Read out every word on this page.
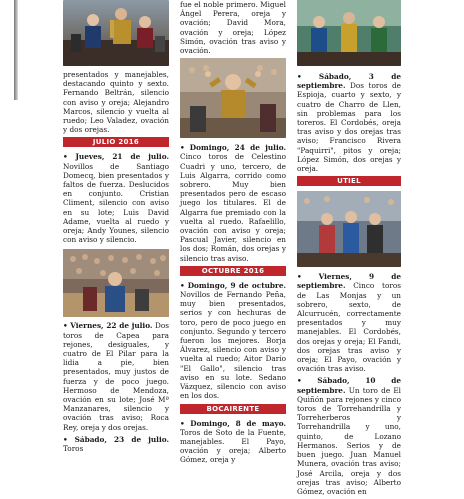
presentados y manejables, destacando quinto y sexto. Fernando Beltrán, silencio con aviso y oreja; Alejandro Marcos, silencio y vuelta al ruedo; Leo Valadez, ovación y dos orejas.

JULIO 2016

• Jueves, 21 de julio. Novillos de Santiago Domecq, bien presentados y faltos de fuerza. Deslucidos en conjunto. Cristian Climent, silencio con aviso en su lote; Luis David Adame, vuelta al ruedo y oreja; Andy Younes, silencio con aviso y silencio.

• Viernes, 22 de julio. Dos toros de Capea para rejones, desiguales, y cuatro de El Pilar para la lidia a pie, bien presentados, muy justos de fuerza y de poco juego. Hermoso de Mendoza, ovación en su lote; José Mª Manzanares, silencio y ovación tras aviso; Roca Rey, oreja y dos orejas.

• Sábado, 23 de julio. Toros

fue el noble primero. Miguel Ángel Perera, oreja y ovación; David Mora, ovación y oreja; López Simón, ovación tras aviso y ovación.

• Domingo, 24 de julio. Cinco toros de Celestino Cuadri y uno, tercero, de Luis Algarra, corrido como sobrero. Muy bien presentados pero de escaso juego los titulares. El de Algarra fue premiado con la vuelta al ruedo. Rafaelillo, ovación con aviso y oreja; Pascual Javier, silencio en los dos; Román, dos orejas y silencio tras aviso.

OCTUBRE 2016

• Domingo, 9 de octubre. Novillos de Fernando Peña, muy bien presentados, serios y con hechuras de toro, pero de poco juego en conjunto. Segundo y tercero fueron los mejores. Borja Álvarez, silencio con aviso y vuelta al ruedo; Aitor Darío "El Gallo", silencio tras aviso en su lote. Sedano Vázquez, silencio con aviso en los dos.

BOCAIRENTE

• Domingo, 8 de mayo. Toros de Soto de la Fuente, manejables. El Payo, ovación y oreja; Alberto Gómez, oreja y

• Sábado, 3 de septiembre. Dos toros de Espioja, cuarto y sexto, y cuatro de Charro de Llen, sin problemas para los toreros. El Cordobés, oreja tras aviso y dos orejas tras aviso; Francisco Rivera "Paquirri", pitos y oreja; López Simón, dos orejas y oreja.

UTIEL

• Viernes, 9 de septiembre. Cinco toros de Las Monjas y un sobrero, sexto, de Alcurrucén, correctamente presentados y muy manejables. El Cordobés, dos orejas y oreja; El Fandi, dos orejas tras aviso y oreja; El Payo, ovación y ovación tras aviso.

• Sábado, 10 de septiembre. Un toro de El Quiñón para rejones y cinco toros de Torrehandrilla y Torreherberos y Torrehandrilla y uno, quinto, de Lozano Hermanos. Serios y de buen juego. Juan Manuel Munera, ovación tras aviso; José Arcila, oreja y dos orejas tras aviso; Alberto Gómez, ovación en
